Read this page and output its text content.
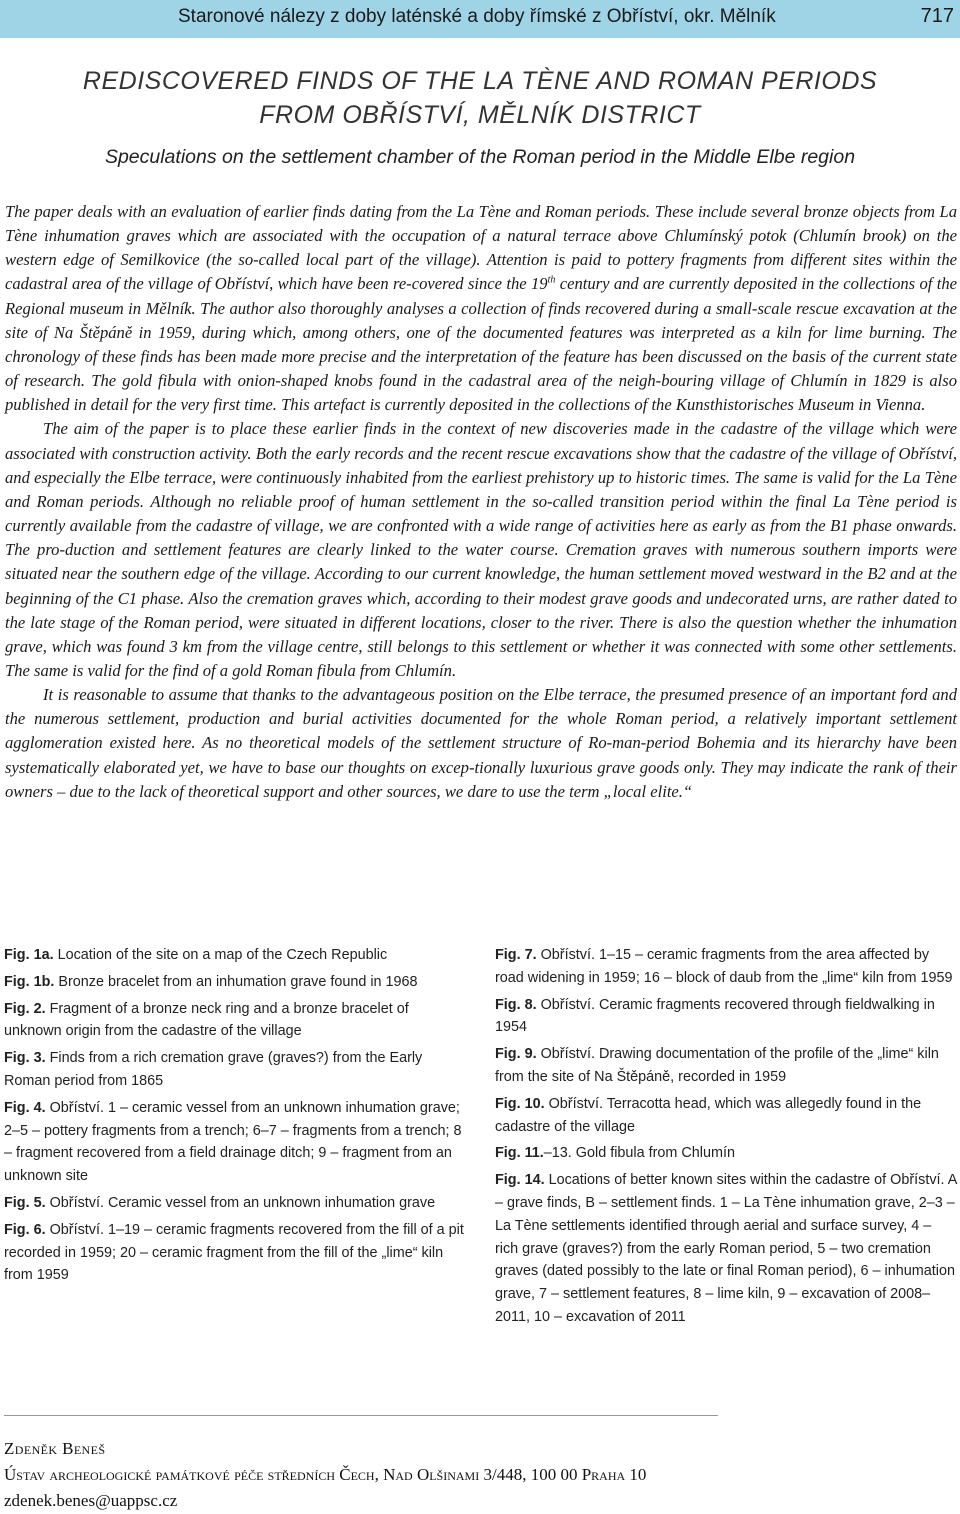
Staronové nálezy z doby laténské a doby římské z Obříství, okr. Mělník	717
REDISCOVERED FINDS OF THE LA TÈNE AND ROMAN PERIODS
FROM OBŘÍSTVÍ, MĚLNÍK DISTRICT
Speculations on the settlement chamber of the Roman period in the Middle Elbe region

The paper deals with an evaluation of earlier finds dating from the La Tène and Roman periods. These include several bronze objects from La Tène inhumation graves which are associated with the occupation of a natural terrace above Chlumínský potok (Chlumín brook) on the western edge of Semilkovice (the so-called local part of the village). Attention is paid to pottery fragments from different sites within the cadastral area of the village of Obříství, which have been re-covered since the 19th century and are currently deposited in the collections of the Regional museum in Mělník. The author also thoroughly analyses a collection of finds recovered during a small-scale rescue excavation at the site of Na Štěpáně in 1959, during which, among others, one of the documented features was interpreted as a kiln for lime burning. The chronology of these finds has been made more precise and the interpretation of the feature has been discussed on the basis of the current state of research. The gold fibula with onion-shaped knobs found in the cadastral area of the neigh-bouring village of Chlumín in 1829 is also published in detail for the very first time. This artefact is currently deposited in the collections of the Kunsthistorisches Museum in Vienna.

The aim of the paper is to place these earlier finds in the context of new discoveries made in the cadastre of the village which were associated with construction activity. Both the early records and the recent rescue excavations show that the cadastre of the village of Obříství, and especially the Elbe terrace, were continuously inhabited from the earliest prehistory up to historic times. The same is valid for the La Tène and Roman periods. Although no reliable proof of human settlement in the so-called transition period within the final La Tène period is currently available from the cadastre of village, we are confronted with a wide range of activities here as early as from the B1 phase onwards. The pro-duction and settlement features are clearly linked to the water course. Cremation graves with numerous southern imports were situated near the southern edge of the village. According to our current knowledge, the human settlement moved westward in the B2 and at the beginning of the C1 phase. Also the cremation graves which, according to their modest grave goods and undecorated urns, are rather dated to the late stage of the Roman period, were situated in different locations, closer to the river. There is also the question whether the inhumation grave, which was found 3 km from the village centre, still belongs to this settlement or whether it was connected with some other settlements. The same is valid for the find of a gold Roman fibula from Chlumín.

It is reasonable to assume that thanks to the advantageous position on the Elbe terrace, the presumed presence of an important ford and the numerous settlement, production and burial activities documented for the whole Roman period, a relatively important settlement agglomeration existed here. As no theoretical models of the settlement structure of Ro-man-period Bohemia and its hierarchy have been systematically elaborated yet, we have to base our thoughts on excep-tionally luxurious grave goods only. They may indicate the rank of their owners – due to the lack of theoretical support and other sources, we dare to use the term „local elite.“

Fig. 1a. Location of the site on a map of the Czech Republic

Fig. 1b. Bronze bracelet from an inhumation grave found in 1968

Fig. 2. Fragment of a bronze neck ring and a bronze bracelet of unknown origin from the cadastre of the village

Fig. 3. Finds from a rich cremation grave (graves?) from the Early Roman period from 1865

Fig. 4. Obříství. 1 – ceramic vessel from an unknown inhumation grave; 2–5 – pottery fragments from a trench; 6–7 – fragments from a trench; 8 – fragment recovered from a field drainage ditch; 9 – fragment from an unknown site

Fig. 5. Obříství. Ceramic vessel from an unknown inhumation grave

Fig. 6. Obříství. 1–19 – ceramic fragments recovered from the fill of a pit recorded in 1959; 20 – ceramic fragment from the fill of the „lime“ kiln from 1959

Fig. 7. Obříství. 1–15 – ceramic fragments from the area affected by road widening in 1959; 16 – block of daub from the „lime“ kiln from 1959

Fig. 8. Obříství. Ceramic fragments recovered through fieldwalking in 1954

Fig. 9. Obříství. Drawing documentation of the profile of the „lime“ kiln from the site of Na Štěpáně, recorded in 1959

Fig. 10. Obříství. Terracotta head, which was allegedly found in the cadastre of the village

Fig. 11.–13. Gold fibula from Chlumín

Fig. 14. Locations of better known sites within the cadastre of Obříství. A – grave finds, B – settlement finds. 1 – La Tène inhumation grave, 2–3 – La Tène settlements identified through aerial and surface survey, 4 – rich grave (graves?) from the early Roman period, 5 – two cremation graves (dated possibly to the late or final Roman period), 6 – inhumation grave, 7 – settlement features, 8 – lime kiln, 9 – excavation of 2008–2011, 10 – excavation of 2011

Zdeněk Beneš
Ústav archeologické památkové péče středních Čech, Nad Olšinami 3/448, 100 00 Praha 10
zdenek.benes@uappsc.cz
